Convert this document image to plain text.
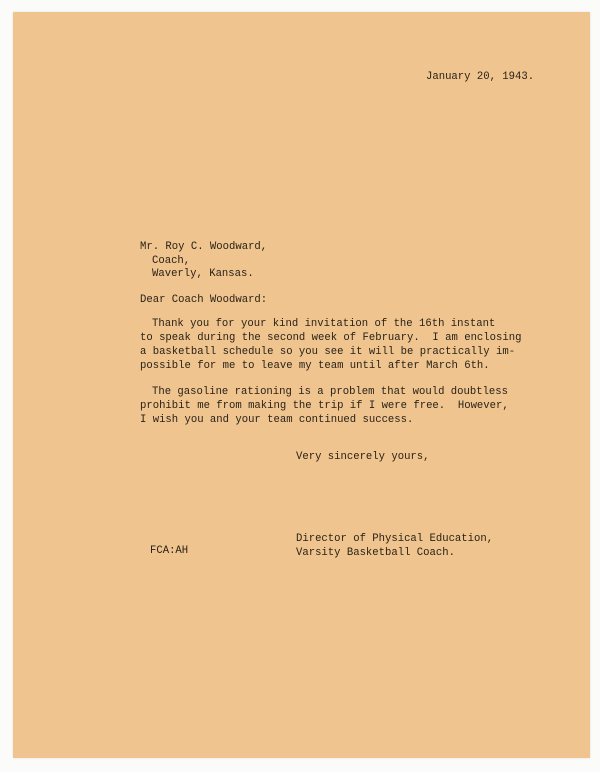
January 20, 1943.
Mr. Roy C. Woodward,
Coach,
Waverly, Kansas.
Dear Coach Woodward:
Thank you for your kind invitation of the 16th instant
to speak during the second week of February.  I am enclosing
a basketball schedule so you see it will be practically im-
possible for me to leave my team until after March 6th.
The gasoline rationing is a problem that would doubtless
prohibit me from making the trip if I were free.  However,
I wish you and your team continued success.
Very sincerely yours,
Director of Physical Education,
Varsity Basketball Coach.
FCA:AH
